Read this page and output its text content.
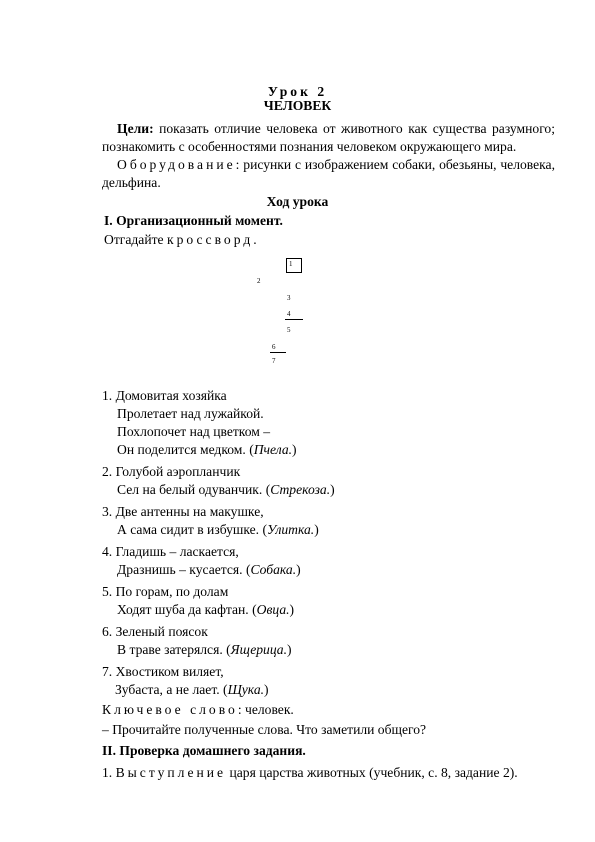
Урок 2
ЧЕЛОВЕК
Цели: показать отличие человека от животного как существа разумного;
познакомить с особенностями познания человеком окружающего мира.
Оборудование: рисунки с изображением собаки, обезьяны, человека,
дельфина.
Ход урока
I. Организационный момент.
Отгадайте кроссворд.
1
2
3
4
5
6
7
1. Домовитая хозяйка
Пролетает над лужайкой.
Похлопочет над цветком –
Он поделится медком. (Пчела.)
2. Голубой аэропланчик
Сел на белый одуванчик. (Стрекоза.)
3. Две антенны на макушке,
А сама сидит в избушке. (Улитка.)
4. Гладишь – ласкается,
Дразнишь – кусается. (Собака.)
5. По горам, по долам
Ходят шуба да кафтан. (Овца.)
6. Зеленый поясок
В траве затерялся. (Ящерица.)
7. Хвостиком виляет,
Зубаста, а не лает. (Щука.)
Ключевое слово: человек.
– Прочитайте полученные слова. Что заметили общего?
II. Проверка домашнего задания.
1. Выступление царя царства животных (учебник, с. 8, задание 2).
